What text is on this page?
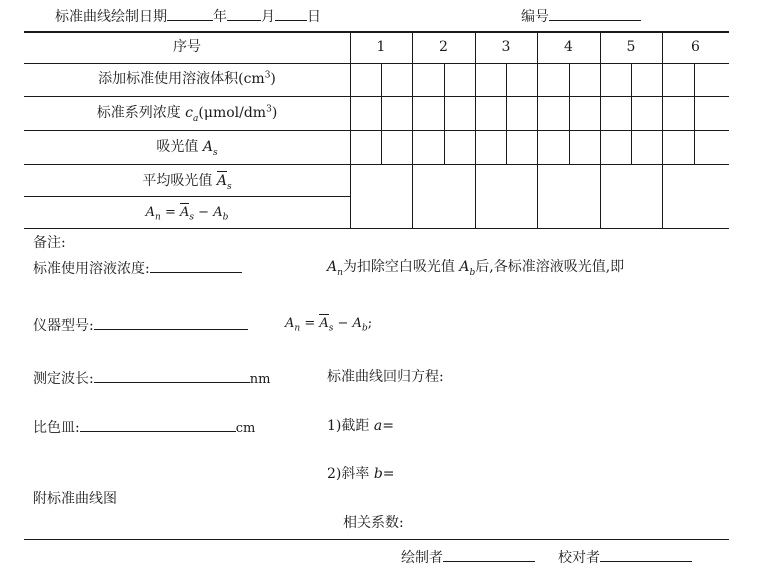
标准曲线绘制日期	年 月 日	编号
序号	1	2	3	4	5	6
添加标准使用溶液体积$(cm^3)$
标准系列浓度 $c_a(\mu mol/dm^3)$
吸光值 $A_s$
平均吸光值 $A_s$
$A_n = A_s - A_b$
备注:
标准使用溶液浓度:	$A_n$为扣除空白吸光值 $A_b$后,各标准溶液吸光值,即
仪器型号:	$A_n = A_s - A_b$;
测定波长:	nm	标准曲线回归方程:
比色皿:	cm	1)截距 a=
2)斜率 b=
附标准曲线图
相关系数:
绘制者	校对者
